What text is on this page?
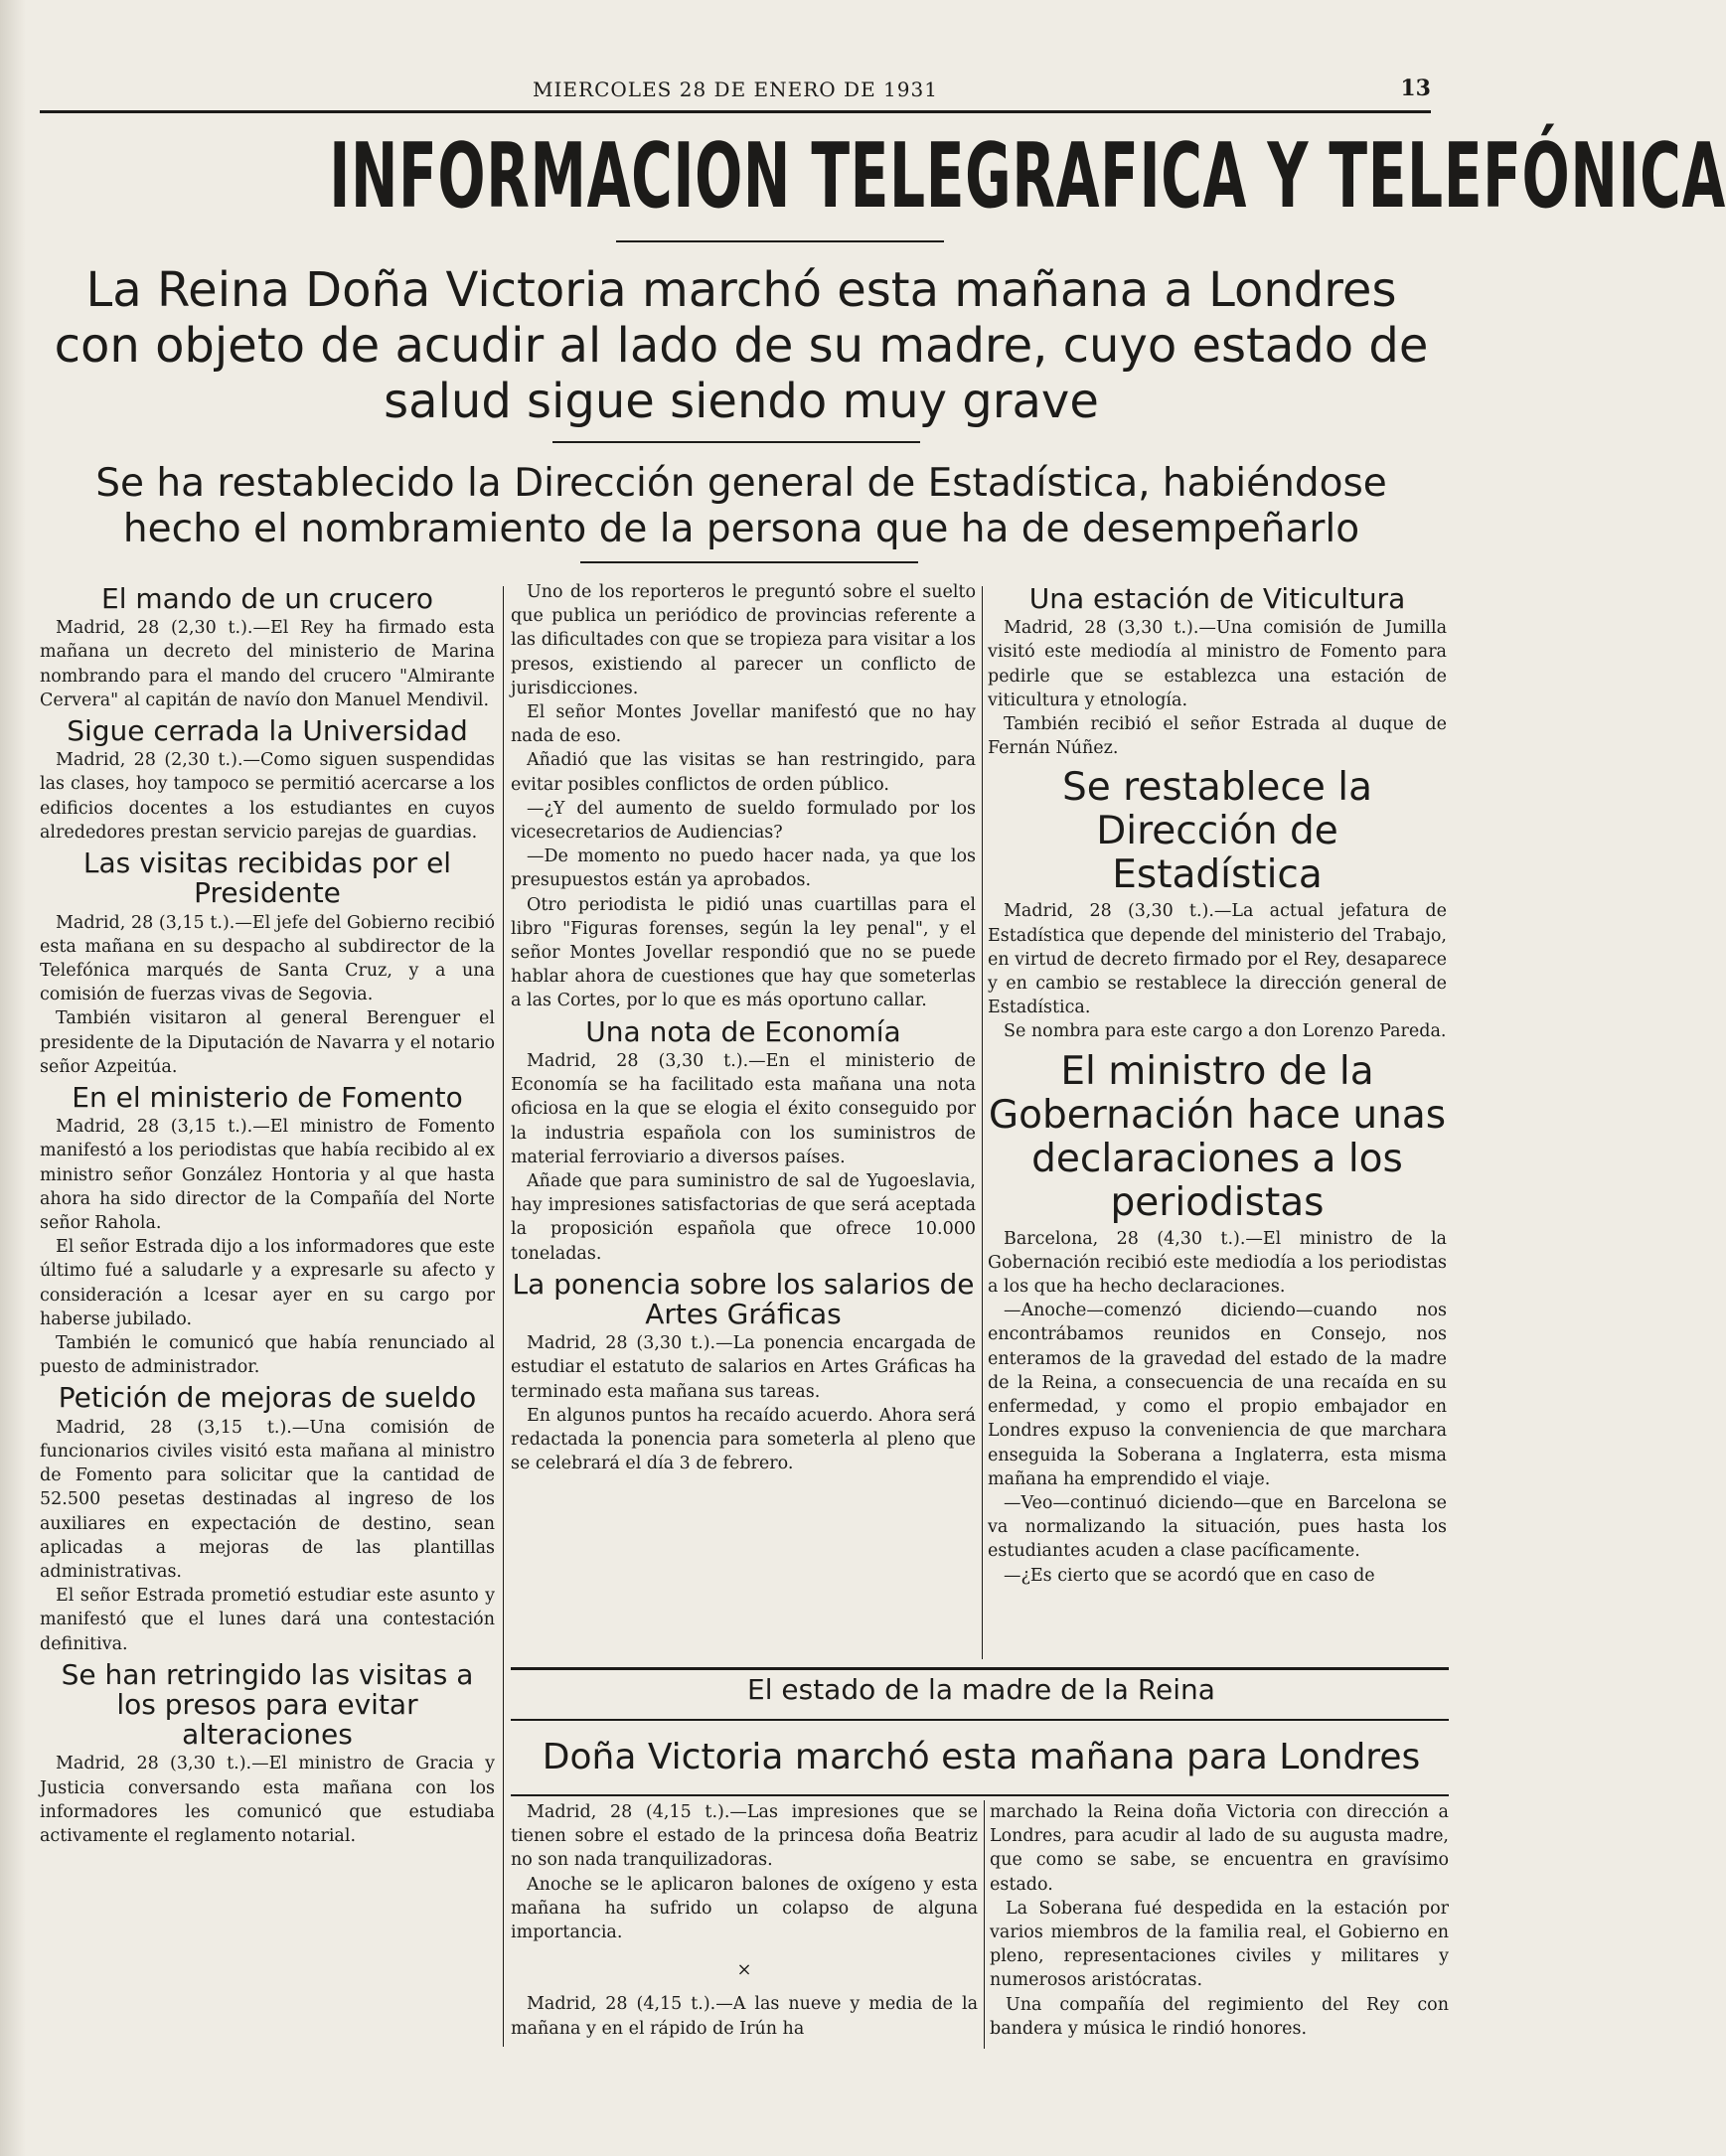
MIERCOLES 28 DE ENERO DE 1931	13
INFORMACION TELEGRAFICA Y TELEFÓNICA
La Reina Doña Victoria marchó esta mañana a Londres con objeto de acudir al lado de su madre, cuyo estado de salud sigue siendo muy grave
Se ha restablecido la Dirección general de Estadística, habiéndose hecho el nombramiento de la persona que ha de desempeñarlo
El mando de un crucero

Madrid, 28 (2,30 t.).—El Rey ha firmado esta mañana un decreto del ministerio de Marina nombrando para el mando del crucero "Almirante Cervera" al capitán de navío don Manuel Mendivil.

Sigue cerrada la Universidad

Madrid, 28 (2,30 t.).—Como siguen suspendidas las clases, hoy tampoco se permitió acercarse a los edificios docentes a los estudiantes en cuyos alrededores prestan servicio parejas de guardias.

Las visitas recibidas por el Presidente

Madrid, 28 (3,15 t.).—El jefe del Gobierno recibió esta mañana en su despacho al subdirector de la Telefónica marqués de Santa Cruz, y a una comisión de fuerzas vivas de Segovia.

También visitaron al general Berenguer el presidente de la Diputación de Navarra y el notario señor Azpeitúa.

En el ministerio de Fomento

Madrid, 28 (3,15 t.).—El ministro de Fomento manifestó a los periodistas que había recibido al ex ministro señor González Hontoria y al que hasta ahora ha sido director de la Compañía del Norte señor Rahola.

El señor Estrada dijo a los informadores que este último fué a saludarle y a expresarle su afecto y consideración a lcesar ayer en su cargo por haberse jubilado.

También le comunicó que había renunciado al puesto de administrador.

Petición de mejoras de sueldo

Madrid, 28 (3,15 t.).—Una comisión de funcionarios civiles visitó esta mañana al ministro de Fomento para solicitar que la cantidad de 52.500 pesetas destinadas al ingreso de los auxiliares en expectación de destino, sean aplicadas a mejoras de las plantillas administrativas.

El señor Estrada prometió estudiar este asunto y manifestó que el lunes dará una contestación definitiva.

Se han retringido las visitas a los presos para evitar alteraciones

Madrid, 28 (3,30 t.).—El ministro de Gracia y Justicia conversando esta mañana con los informadores les comunicó que estudiaba activamente el reglamento notarial.

Uno de los reporteros le preguntó sobre el suelto que publica un periódico de provincias referente a las dificultades con que se tropieza para visitar a los presos, existiendo al parecer un conflicto de jurisdicciones.

El señor Montes Jovellar manifestó que no hay nada de eso.

Añadió que las visitas se han restringido, para evitar posibles conflictos de orden público.

—¿Y del aumento de sueldo formulado por los vicesecretarios de Audiencias?

—De momento no puedo hacer nada, ya que los presupuestos están ya aprobados.

Otro periodista le pidió unas cuartillas para el libro "Figuras forenses, según la ley penal", y el señor Montes Jovellar respondió que no se puede hablar ahora de cuestiones que hay que someterlas a las Cortes, por lo que es más oportuno callar.

Una nota de Economía

Madrid, 28 (3,30 t.).—En el ministerio de Economía se ha facilitado esta mañana una nota oficiosa en la que se elogia el éxito conseguido por la industria española con los suministros de material ferroviario a diversos países.

Añade que para suministro de sal de Yugoeslavia, hay impresiones satisfactorias de que será aceptada la proposición española que ofrece 10.000 toneladas.

La ponencia sobre los salarios de Artes Gráficas

Madrid, 28 (3,30 t.).—La ponencia encargada de estudiar el estatuto de salarios en Artes Gráficas ha terminado esta mañana sus tareas.

En algunos puntos ha recaído acuerdo. Ahora será redactada la ponencia para someterla al pleno que se celebrará el día 3 de febrero.

Una estación de Viticultura

Madrid, 28 (3,30 t.).—Una comisión de Jumilla visitó este mediodía al ministro de Fomento para pedirle que se establezca una estación de viticultura y etnología.

También recibió el señor Estrada al duque de Fernán Núñez.

Se restablece la Dirección de Estadística

Madrid, 28 (3,30 t.).—La actual jefatura de Estadística que depende del ministerio del Trabajo, en virtud de decreto firmado por el Rey, desaparece y en cambio se restablece la dirección general de Estadística.

Se nombra para este cargo a don Lorenzo Pareda.

El ministro de la Gobernación hace unas declaraciones a los periodistas

Barcelona, 28 (4,30 t.).—El ministro de la Gobernación recibió este mediodía a los periodistas a los que ha hecho declaraciones.

—Anoche—comenzó diciendo—cuando nos encontrábamos reunidos en Consejo, nos enteramos de la gravedad del estado de la madre de la Reina, a consecuencia de una recaída en su enfermedad, y como el propio embajador en Londres expuso la conveniencia de que marchara enseguida la Soberana a Inglaterra, esta misma mañana ha emprendido el viaje.

—Veo—continuó diciendo—que en Barcelona se va normalizando la situación, pues hasta los estudiantes acuden a clase pacíficamente.

—¿Es cierto que se acordó que en caso de

El estado de la madre de la Reina
Doña Victoria marchó esta mañana para Londres

Madrid, 28 (4,15 t.).—Las impresiones que se tienen sobre el estado de la princesa doña Beatriz no son nada tranquilizadoras.

Anoche se le aplicaron balones de oxígeno y esta mañana ha sufrido un colapso de alguna importancia.

×

Madrid, 28 (4,15 t.).—A las nueve y media de la mañana y en el rápido de Irún ha

marchado la Reina doña Victoria con dirección a Londres, para acudir al lado de su augusta madre, que como se sabe, se encuentra en gravísimo estado.

La Soberana fué despedida en la estación por varios miembros de la familia real, el Gobierno en pleno, representaciones civiles y militares y numerosos aristócratas.

Una compañía del regimiento del Rey con bandera y música le rindió honores.
